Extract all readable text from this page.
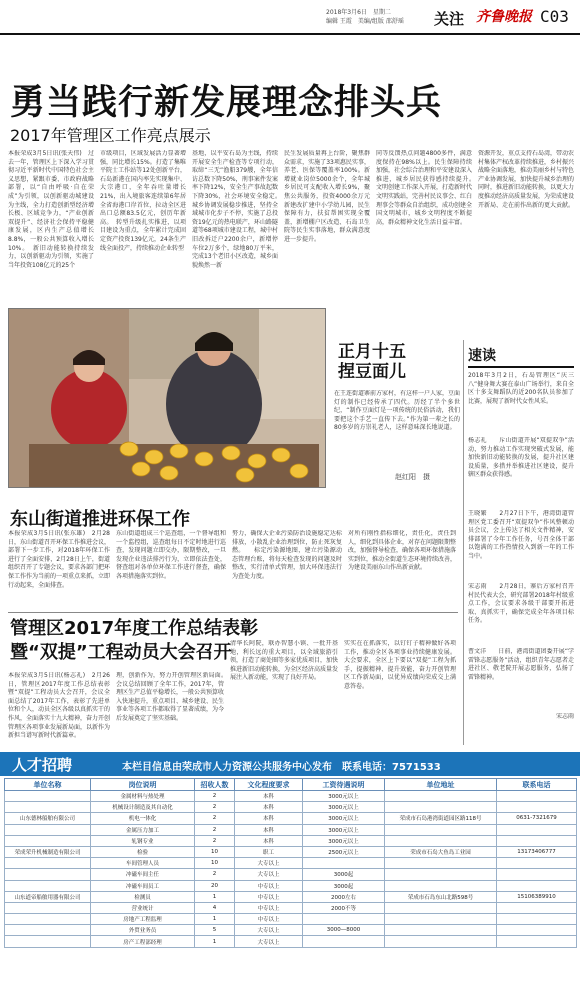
2018年3月6日　星期二
编辑 王霞　美编/组版 邵舒瑶 关注 齐鲁晚报 C03
勇当践行新发展理念排头兵
2017年管理区工作亮点展示
本报荣成3月5日讯(张天伟)　过去一年，管理区上下深入学习贯彻习近平新时代中国特色社会主义思想，紧跟市委、市政府战略部署，以“自由呼吸·自在荣成”为引领，以创新驱动城建设为主线，全力打造创新型经济增长极、区域竞争力，“产业创新双提升”、经济社会保持平稳健康发展，区内生产总值增长8.8%，一般公共预算收入增长10%。　新旧动能转换持续发力，以创新驱动为引领，实施了当年投资108亿元的25个
市级项目，区域发展活力显著增强，同比增长15%。打造了集唯平院士工作站等12处创新平台，石岛新港在国内率先实现集中、大宗港口，全年吞吐量增长21%，出入境旅客连续第6年居全省海港口岸首位，拉动全区进出口总额83.5亿元，创历年新高。　转型升级扎实推进，以项目建设为重点，全年累计完成固定资产投资139亿元，24条生产线全面投产，持续推动企业转型
基地，以平安石岛为主线，持续开展安全生产检查等专项行动，取缔“三无”渔船379艘，全年信访总数下降50%，刑事案件发案率下降12%，安全生产事故起数下降30%，社会环境安全稳定。　城乡协调发展稳步推进，坚持全域城市化步子不停，实施了总投资19亿元的热电联产，环山路隧道等68项城市建设工程，城中村旧改拆迁户2200余户，新增停车位2万多个，绿地80万平米，完成13个老旧小区改造，城乡面貌焕然一新
民生发展质量再上台阶，聚焦群众需求，实施了33项惠民实事，养老、医保等覆盖率100%。新增就业岗位5000余个，全年城乡居民可支配收入增长9%，聚焦公共服务，投资4000余万元新建改扩建中小学幼儿园，民生保障有力，扶贫帮困实现全覆盖，新增棚户区改造、石岛卫生院等民生实事落地，群众满意度进一步提升。
同等反馈热点问题4800多件，满意度保持在98%以上。民生保障持续加强，社会综合治理和平安建设深入推进，城乡居民获得感持续提升。　　文明创建工作深入开展，打造新时代文明实践站，完善村民议事会、红白理事会等群众自治组织，成功创建全国文明城市，城乡文明程度不断提高，群众精神文化生活日益丰富。
资源开发，重点支持石岛湾，带动农村集体产权改革持续推进，乡村振兴战略全面落地，推动美丽乡村与特色产业协调发展，加快提升城乡治理的同时，推进新旧动能转换，以更大力度推动经济高质量发展，为荣成建设开新局、走在前作出新的更大贡献。
正月十五
捏豆面儿
在王连街道寨前方家村，有这样一户人家，豆面灯的制作已经传承了四代。历经了半个多世纪，“制作豆面灯是一项传统的民俗活动，我们要把这个手艺一直传下去。”作为第一辈之长的80多岁的方崇礼老人，这样意味深长地说道。
赵红阳　摄
速读
2018年3月2日，石岛管理区“庆三八”健身舞大赛在泰山广场举行，来自全区十多支舞蹈队的近200名队员参加了比赛，展现了新时代女性风采。
杨志礼　　斥山街道开展“双提双争”活动，努力推动工作实现突破式发展，能加快新旧动能转换的发展，提升社区建设质量，多措并举推进社区建设，提升辖区群众获得感。
王晓繁　　2月27日下午，港湾街道管理区党工委召开“双提双争”作风整顿动员会议，会上传达了相关文件精神，安排部署了今年工作任务，号召全体干部以饱满的工作热情投入到新一年的工作当中。
宋志雨　　2月28日，寨后方家村召开村民代表大会，研究部署2018年村级重点工作，会议要求各级干部要开拓进取、真抓实干，确保完成全年各项目标任务。
曹文洋　　日前，港湾街道团委开展“学雷锋志愿服务”活动，组织青年志愿者走进社区、敬老院开展志愿服务，弘扬了雷锋精神。
宋志雨
东山街道推进环保工作
本报荣成3月5日讯(张东雄)　2月28日，东山街道召开环保工作推进会议，部署下一步工作，对2018年环保工作进行了全面安排，2月28日上午，街道组织召开了专题会议，要求各部门把环保工作作为当前的一项重点来抓，立即行动起来，全面排查。
东山街道组成三个巡查组，一个督导组和一个监控组，巡查组每日不定时地进行巡查，发现问题立即交办，限期整改，一旦发现企业违法排污行为，立即依法查处，督查组对各单位环保工作进行督查，确保各项措施落实到位。
努力，确保大企业污染防治设施稳定达标排放，小散乱企业治理到位，防止死灰复燃。　　标定污染源地图，建立污染源动态管理台账，将每天检查发现的问题及时整改，实行清单式管理，加大环保违法行为查处力度。
对所有刚性指标细化，责任化，责任到人，细化到具体企业，对存在问题限期整改，加强督导检查，确保各项环保措施落实到位，推动全街道生态环境持续改善，为建设美丽东山作出新贡献。
管理区2017年度工作总结表彰
暨“双提”工程动员大会召开
本报荣成3月5日讯(杨志礼)　2月26日，管理区2017年度工作总结表彰暨“双提”工程动员大会召开，会议全面总结了2017年工作，表彰了先进单位和个人，动员全区各级以真抓实干的作风，全面落实十九大精神，奋力开创管理区各项事业发展新局面，以新作为新担当谱写新时代新篇章。
理，创新作为，努力开创管理区新局面。　　会议总结回顾了全年工作，2017年，管理区生产总值平稳增长，一般公共预算收入快速提升，重点项目、城乡建设、民生事业等各项工作都取得了显著成绩，为今后发展奠定了坚实基础。
清华长阿院，联办智慧小镇、一批开基地，利长远的重大项目，以全域旅游引领，打造了商处圈等多家优质项目，加快推进新旧动能转换，为全区经济高质量发展注入新动能，实现了良好开局。
实实在在抓落实，以钉钉子精神做好各项工作，推动全区各项事业持续健康发展。大会要求，全区上下要以“双提”工程为抓手，提振精神、提升效能，奋力开创管理区工作新局面，以优异成绩向荣成交上满意答卷。
人才招聘	本栏目信息由荣成市人力资源公共服务中心发布　联系电话：7571533
单位名称	岗位说明	招收人数	文化程度要求	工资待遇说明	单位地址	联系电话
	金属材料与热处理	2	本科	3000元以上		
	机械设计制造及其自动化	2	本科	3000元以上		
山东德林船舶有限公司	机电一体化	2	本科	3000元以上	荣成市石岛港湾街道园区路118号	0631-7321679
	金属压力加工	2	本科	3000元以上		
	轧钢专业	2	本科	3000元以上		
荣成荣升机械制造有限公司	检验	10	职工	2500元以上	荣成市石岛大鱼岛工业园	13173406777
	车间管理人员	10	大专以上			
	冲磁车间主任	2	大专以上	3000起		
	冲磁车间员工	20	中专以上	3000起		
山东道帝船舶用器有限公司	检测员	1	中专以上	2000左右	荣成市石岛东山北路598号	15106389910
	营业统计	4	中专以上	2000不等		
	房地产工程监理	1	中专以上			
	外贸业务员	5	大专以上	3000—8000		
	房产工程部经理	1	大专以上			
